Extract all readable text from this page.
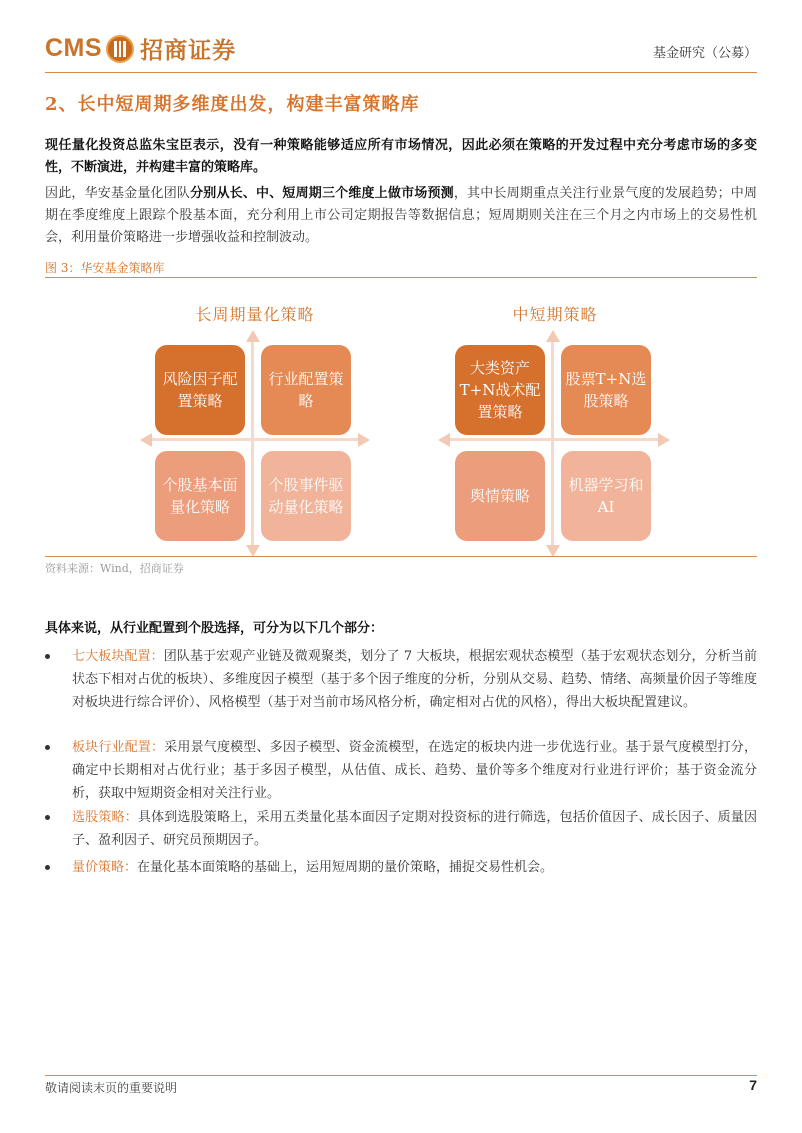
CMS 招商证券	基金研究（公募）
2、长中短周期多维度出发，构建丰富策略库
现任量化投资总监朱宝臣表示，没有一种策略能够适应所有市场情况，因此必须在策略的开发过程中充分考虑市场的多变性，不断演进，并构建丰富的策略库。
因此，华安基金量化团队分别从长、中、短周期三个维度上做市场预测，其中长周期重点关注行业景气度的发展趋势；中周期在季度维度上跟踪个股基本面，充分利用上市公司定期报告等数据信息；短周期则关注在三个月之内市场上的交易性机会，利用量价策略进一步增强收益和控制波动。
图 3：华安基金策略库
长周期量化策略	中短期策略
风险因子配置策略
行业配置策略
个股基本面量化策略
个股事件驱动量化策略
大类资产T+N战术配置策略
股票T+N选股策略
舆情策略
机器学习和AI
资料来源：Wind，招商证券
具体来说，从行业配置到个股选择，可分为以下几个部分：
七大板块配置：团队基于宏观产业链及微观聚类，划分了 7 大板块，根据宏观状态模型（基于宏观状态划分，分析当前状态下相对占优的板块）、多维度因子模型（基于多个因子维度的分析，分别从交易、趋势、情绪、高频量价因子等维度对板块进行综合评价）、风格模型（基于对当前市场风格分析，确定相对占优的风格），得出大板块配置建议。
板块行业配置：采用景气度模型、多因子模型、资金流模型，在选定的板块内进一步优选行业。基于景气度模型打分，确定中长期相对占优行业；基于多因子模型，从估值、成长、趋势、量价等多个维度对行业进行评价；基于资金流分析，获取中短期资金相对关注行业。
选股策略：具体到选股策略上，采用五类量化基本面因子定期对投资标的进行筛选，包括价值因子、成长因子、质量因子、盈利因子、研究员预期因子。
量价策略：在量化基本面策略的基础上，运用短周期的量价策略，捕捉交易性机会。
敬请阅读末页的重要说明	7
